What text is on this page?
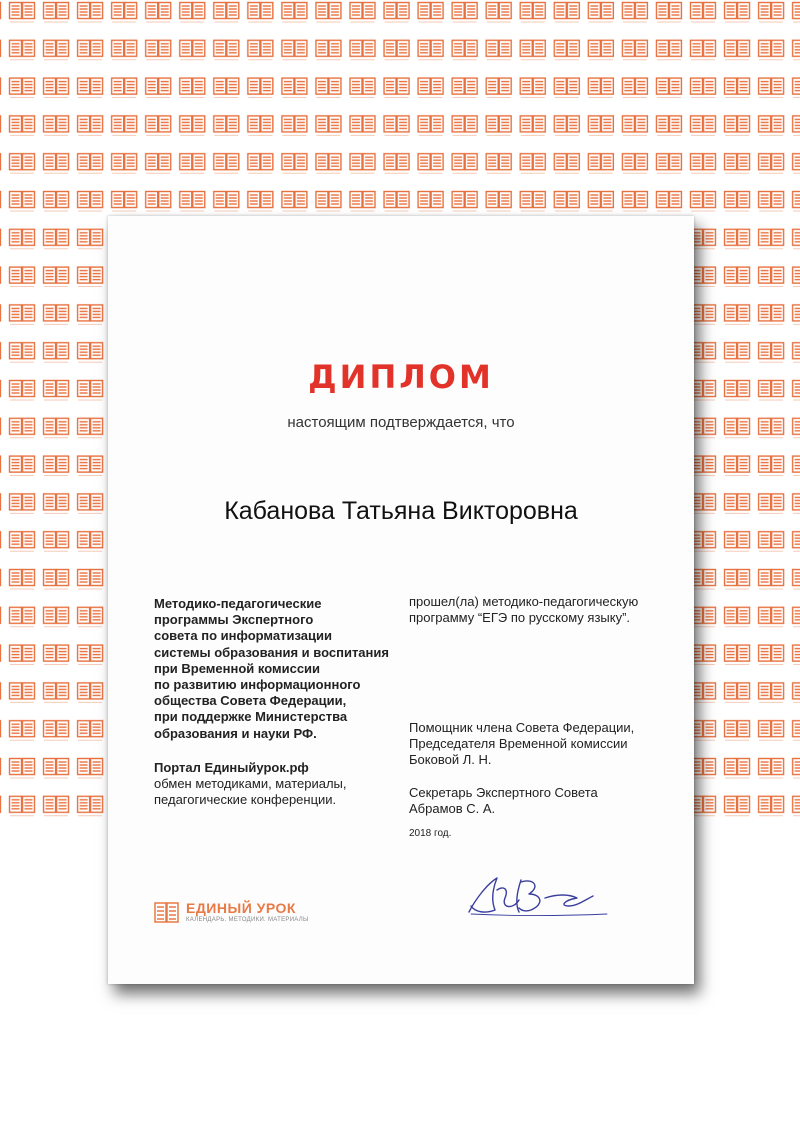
ДИПЛОМ
настоящим подтверждается, что
Кабанова Татьяна Викторовна
Методико-педагогические
программы Экспертного
совета по информатизации
системы образования и воспитания
при Временной комиссии
по развитию информационного
общества Совета Федерации,
при поддержке Министерства
образования и науки РФ.
Портал Единыйурок.рф
обмен методиками, материалы,
педагогические конференции.
прошел(ла) методико-педагогическую
программу “ЕГЭ по русскому языку”.
Помощник члена Совета Федерации,
Председателя Временной комиссии
Боковой Л. Н.
Секретарь Экспертного Совета
Абрамов С. А.
2018 год.
ЕДИНЫЙ УРОК
КАЛЕНДАРЬ. МЕТОДИКИ. МАТЕРИАЛЫ
